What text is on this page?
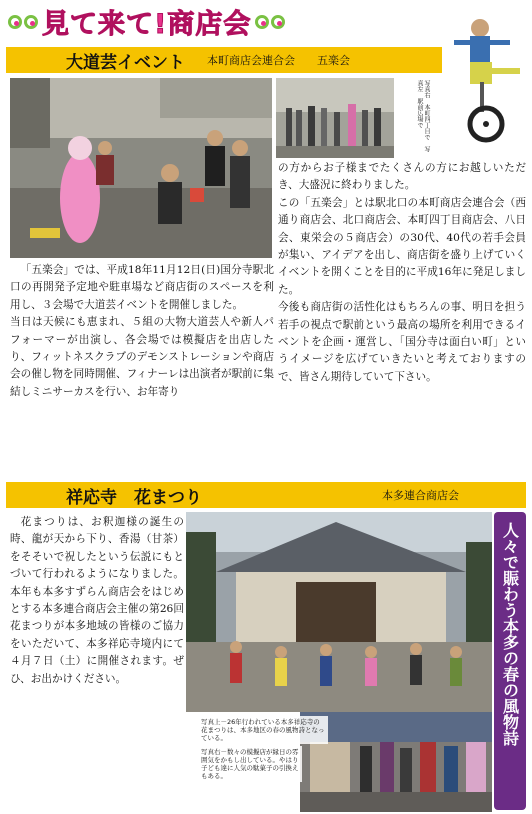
見て来て!商店会
大道芸イベント 本町商店会連合会　　五楽会
写真右　本町四丁目で　写真左　駅前広場で

「五楽会」では、平成18年11月12日(日)国分寺駅北口の再開発予定地や駐車場など商店街のスペースを利用し、３会場で大道芸イベントを開催しました。
当日は天候にも恵まれ、５組の大物大道芸人や新人パフォーマーが出演し、各会場では模擬店を出店したり、フィットネスクラブのデモンストレーションや商店会の催し物を同時開催、フィナーレは出演者が駅前に集結しミニサーカスを行い、お年寄り

の方からお子様までたくさんの方にお越しいただき、大盛況に終わりました。
この「五楽会」とは駅北口の本町商店会連合会（西通り商店会、北口商店会、本町四丁目商店会、八日会、東栄会の５商店会）の30代、40代の若手会員が集い、アイデアを出し、商店街を盛り上げていくイベントを開くことを目的に平成16年に発足しました。
今後も商店街の活性化はもちろんの事、明日を担う若手の視点で駅前という最高の場所を利用できるイベントを企画・運営し、「国分寺は面白い町」というイメージを広げていきたいと考えておりますので、皆さん期待していて下さい。

祥応寺　花まつり	本多連合商店会

花まつりは、お釈迦様の誕生の時、龍が天から下り、香湯（甘茶）をそそいで祝したという伝説にもとづいて行われるようになりました。本年も本多すずらん商店会をはじめとする本多連合商店会主催の第26回花まつりが本多地域の皆様のご協力をいただいて、本多祥応寺境内にて４月７日（土）に開催されます。ぜひ、お出かけください。

写真上－26年行われている本多祥応寺の花まつりは、本多地区の春の風物詩となっている。
写真右－数々の模擬店が縁日の雰囲気をかもし出している。やはり子ども達に人気の駄菓子の引換えもある。
人々で賑わう本多の春の風物詩
